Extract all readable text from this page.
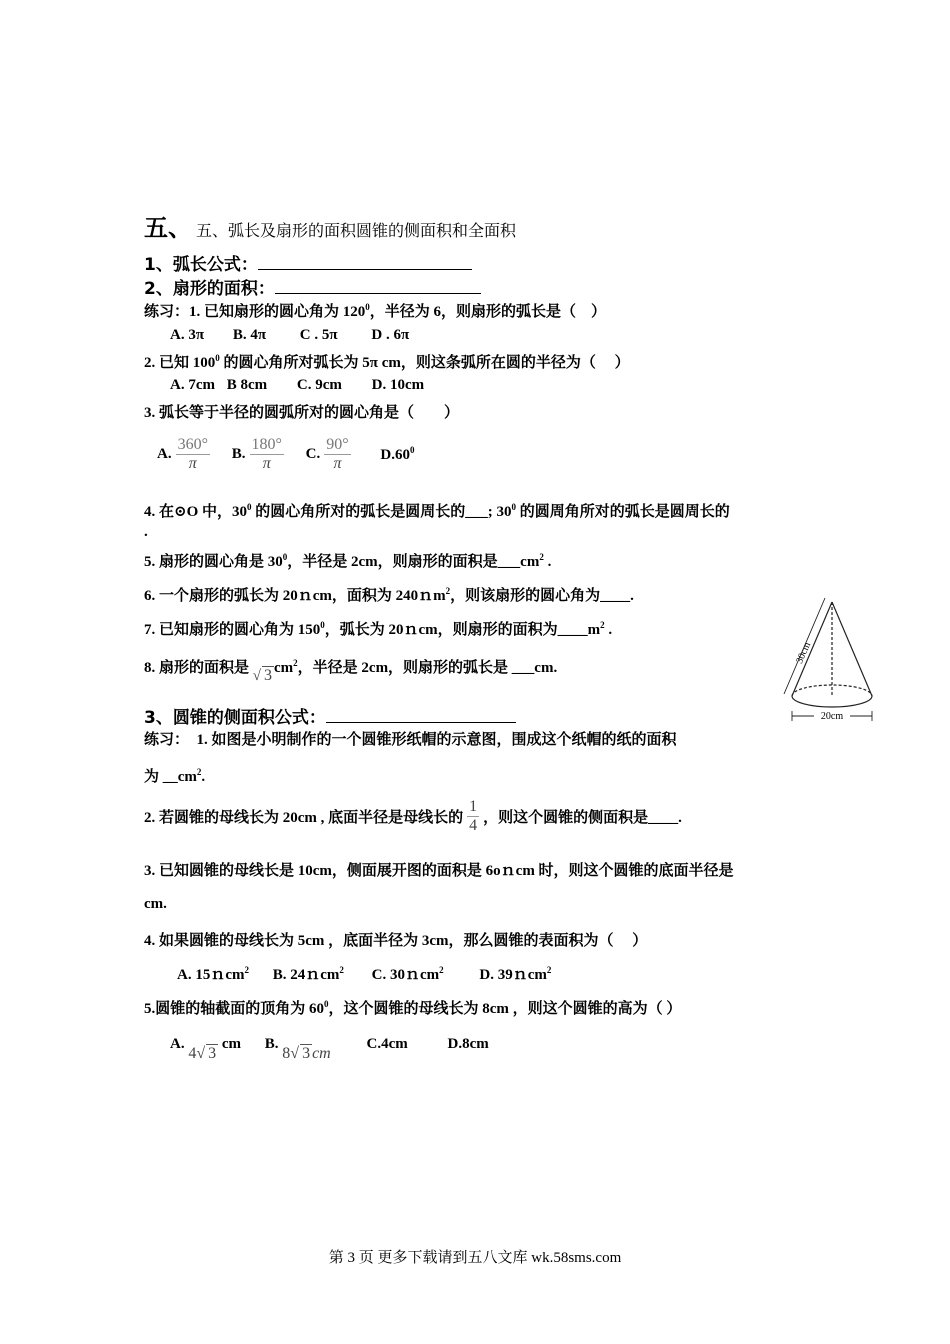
五、 五、弧长及扇形的面积圆锥的侧面积和全面积
1、弧长公式：
2、扇形的面积：
练习：1. 已知扇形的圆心角为 $120^0$，半径为 6，则扇形的弧长是（　）
A. 3π B. 4π C . 5π D . 6π
2. 已知 $100^0$ 的圆心角所对弧长为 5π cm，则这条弧所在圆的半径为（　 ）
A. 7cm B 8cm C. 9cm D. 10cm
3. 弧长等于半径的圆弧所对的圆心角是（　　）
A. $\frac{360^\circ}{\pi} B$. $\frac{180^\circ}{\pi} C$. $\frac{90^\circ}{\pi} D.60^0$
4. 在⊙O 中，$30^0$ 的圆心角所对的弧长是圆周长的___; $30^0$ 的圆周角所对的弧长是圆周长的
.
5. 扇形的圆心角是 $30^0$，半径是 2cm，则扇形的面积是$\_\_\_cm^2$ .
6. 一个扇形的弧长为 20ｎcm，面积为 240ｎm$^2$，则该扇形的圆心角为____.
7. 已知扇形的圆心角为 $150^0$，弧长为 20ｎcm，则扇形的面积为$\_\_\_\_m^2$ .
8. 扇形的面积是 √ 3 $cm^2$，半径是 2cm，则扇形的弧长是 ___cm.
30cm
20cm
3、圆锥的侧面积公式：
练习：　1. 如图是小明制作的一个圆锥形纸帽的示意图，围成这个纸帽的纸的面积
为 $\_\_cm^2$.
2. 若圆锥的母线长为 20cm , 底面半径是母线长的 $\frac{1}{4}$ ，则这个圆锥的侧面积是____.
3. 已知圆锥的母线长是 10cm，侧面展开图的面积是 6oｎcm 时，则这个圆锥的底面半径是
cm.
4. 如果圆锥的母线长为 5cm ，底面半径为 3cm，那么圆锥的表面积为（　 ）
A. 15ｎcm$^2$ B. 24ｎcm$^2$ C. 30ｎcm$^2$ D. 39ｎcm$^2$
5.圆锥的轴截面的顶角为 $60^0$，这个圆锥的母线长为 8cm ，则这个圆锥的高为（ ）
A. 4√ 3 cm B. 8√ 3 cm C.4cm	D.8cm
第 3 页 更多下载请到五八文库 wk.58sms.com
